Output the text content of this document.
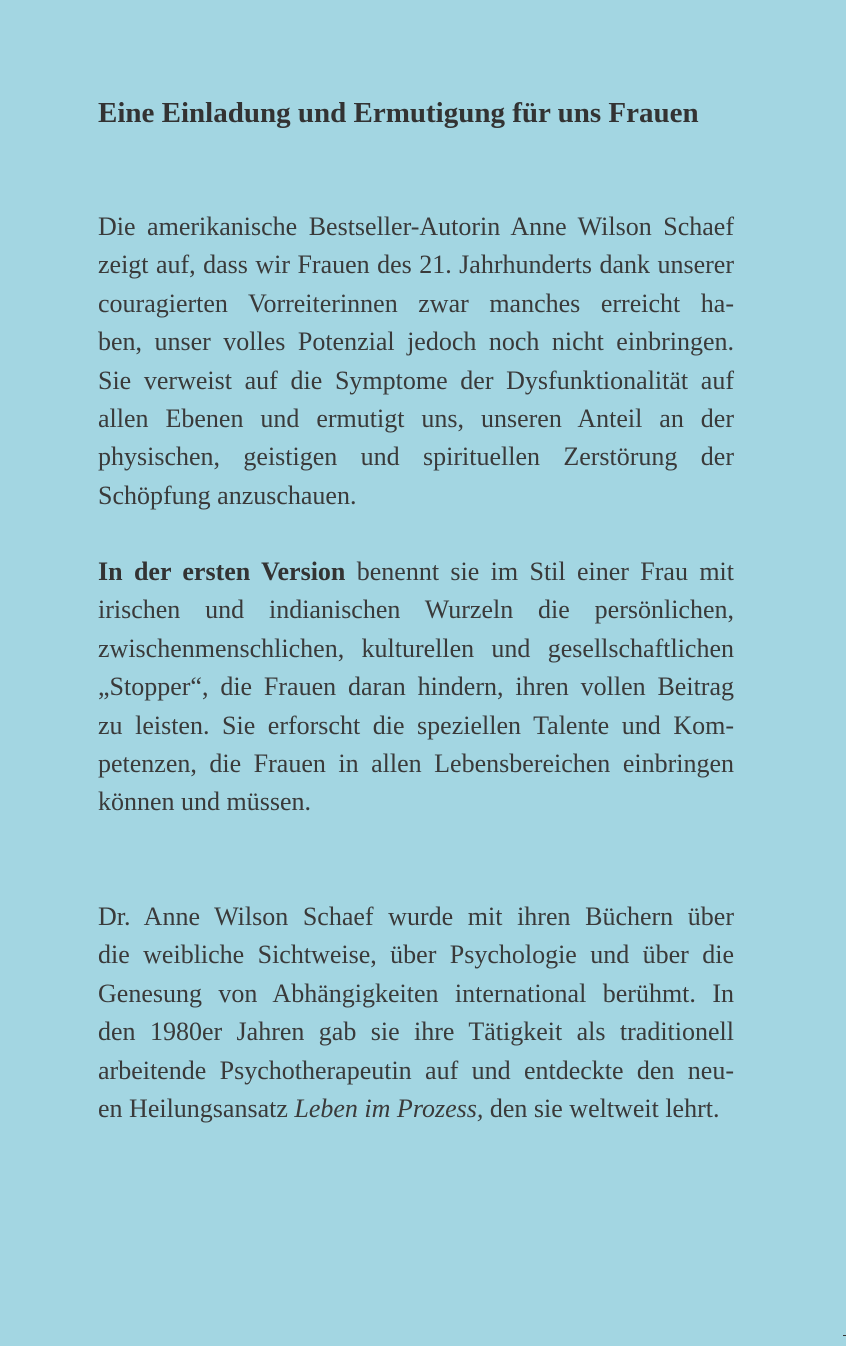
Eine Einladung und Ermutigung für uns Frauen

Die amerikanische Bestseller-Autorin Anne Wilson Schaef
zeigt auf, dass wir Frauen des 21. Jahrhunderts dank unserer
couragierten Vorreiterinnen zwar manches erreicht ha-
ben, unser volles Potenzial jedoch noch nicht einbringen.
Sie verweist auf die Symptome der Dysfunktionalität auf
allen Ebenen und ermutigt uns, unseren Anteil an der
physischen, geistigen und spirituellen Zerstörung der
Schöpfung anzuschauen.

In der ersten Version benennt sie im Stil einer Frau mit
irischen und indianischen Wurzeln die persönlichen,
zwischenmenschlichen, kulturellen und gesellschaftlichen
„Stopper“, die Frauen daran hindern, ihren vollen Beitrag
zu leisten. Sie erforscht die speziellen Talente und Kom-
petenzen, die Frauen in allen Lebensbereichen einbringen
können und müssen.

Dr. Anne Wilson Schaef wurde mit ihren Büchern über
die weibliche Sichtweise, über Psychologie und über die
Genesung von Abhängigkeiten international berühmt. In
den 1980er Jahren gab sie ihre Tätigkeit als traditionell
arbeitende Psychotherapeutin auf und entdeckte den neu-
en Heilungsansatz Leben im Prozess, den sie weltweit lehrt.
